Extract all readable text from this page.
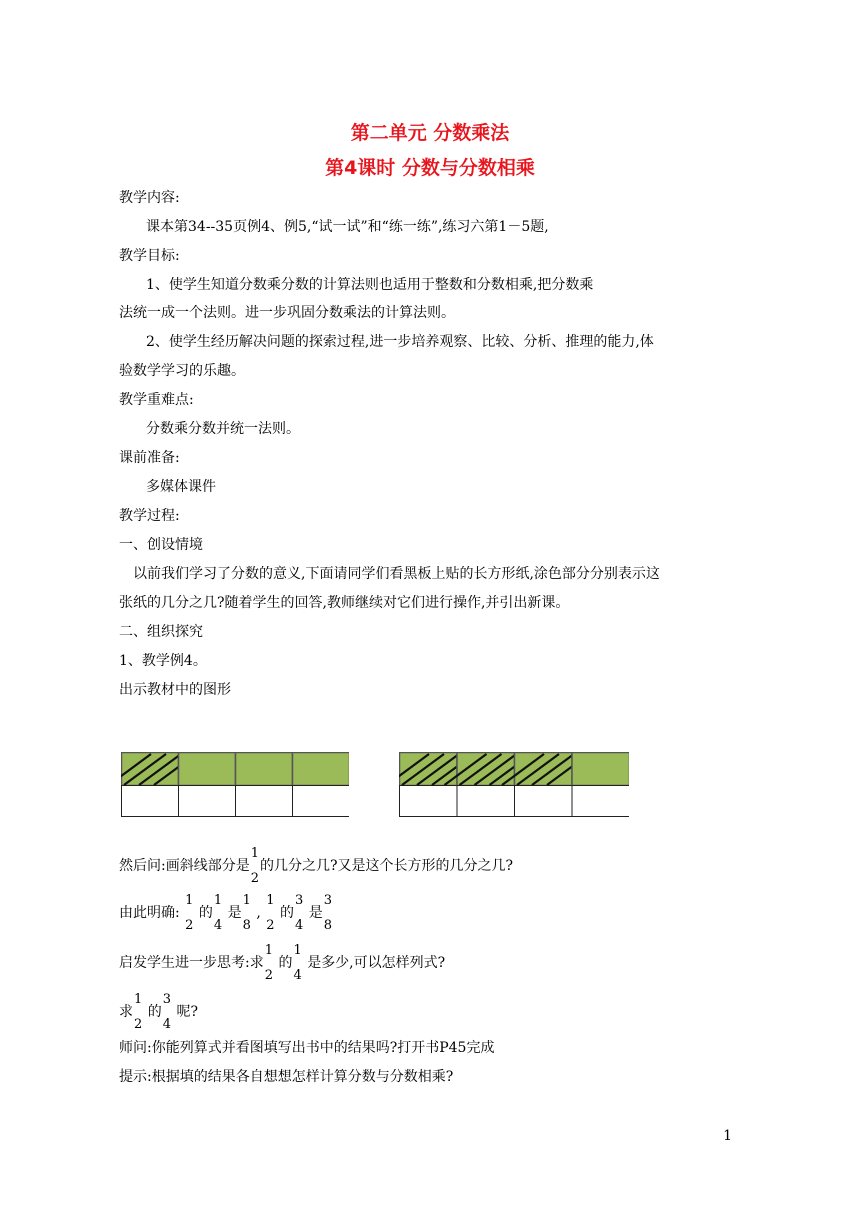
第二单元 分数乘法
第4课时 分数与分数相乘
教学内容:
课本第34--35页例4、例5,“试一试”和“练一练”,练习六第1－5题,
教学目标:
1、使学生知道分数乘分数的计算法则也适用于整数和分数相乘,把分数乘
法统一成一个法则。进一步巩固分数乘法的计算法则。
2、使学生经历解决问题的探索过程,进一步培养观察、比较、分析、推理的能力,体
验数学学习的乐趣。
教学重难点:
分数乘分数并统一法则。
课前准备:
多媒体课件
教学过程:
一、创设情境
以前我们学习了分数的意义,下面请同学们看黑板上贴的长方形纸,涂色部分分别表示这
张纸的几分之几?随着学生的回答,教师继续对它们进行操作,并引出新课。
二、组织探究
1、教学例4。
出示教材中的图形
然后问:画斜线部分是
1
2
的几分之几?又是这个长方形的几分之几?
由此明确:
1
2
的
1
4
是
1
8
,
1
2
的
3
4
是
3
8
启发学生进一步思考:求
1
2
的
1
4
是多少,可以怎样列式?
求
1
2
的
3
4
呢?
师问:你能列算式并看图填写出书中的结果吗?打开书P45完成
提示:根据填的结果各自想想怎样计算分数与分数相乘?
1
